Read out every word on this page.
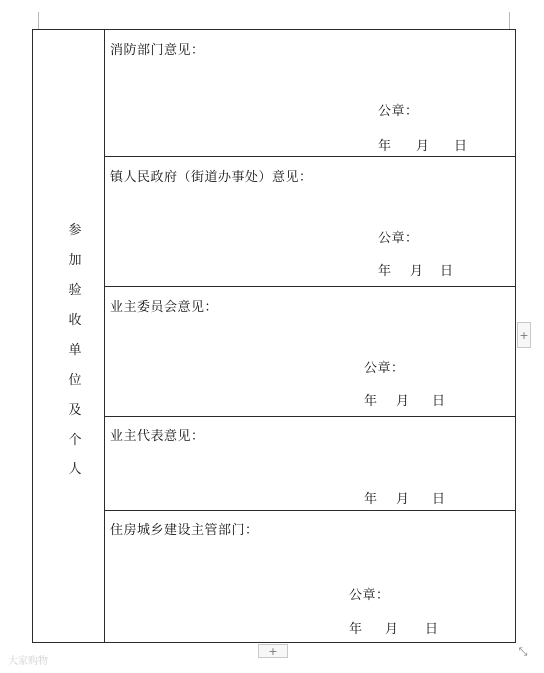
参
加
验
收
单
位
及
个
人
消防部门意见：
公章：
年 月 日
镇人民政府（街道办事处）意见：
公章：
年 月 日
业主委员会意见：
公章：
年 月 日
业主代表意见：
年 月 日
住房城乡建设主管部门：
公章：
年 月 日
+
+	⤡
大家购物
